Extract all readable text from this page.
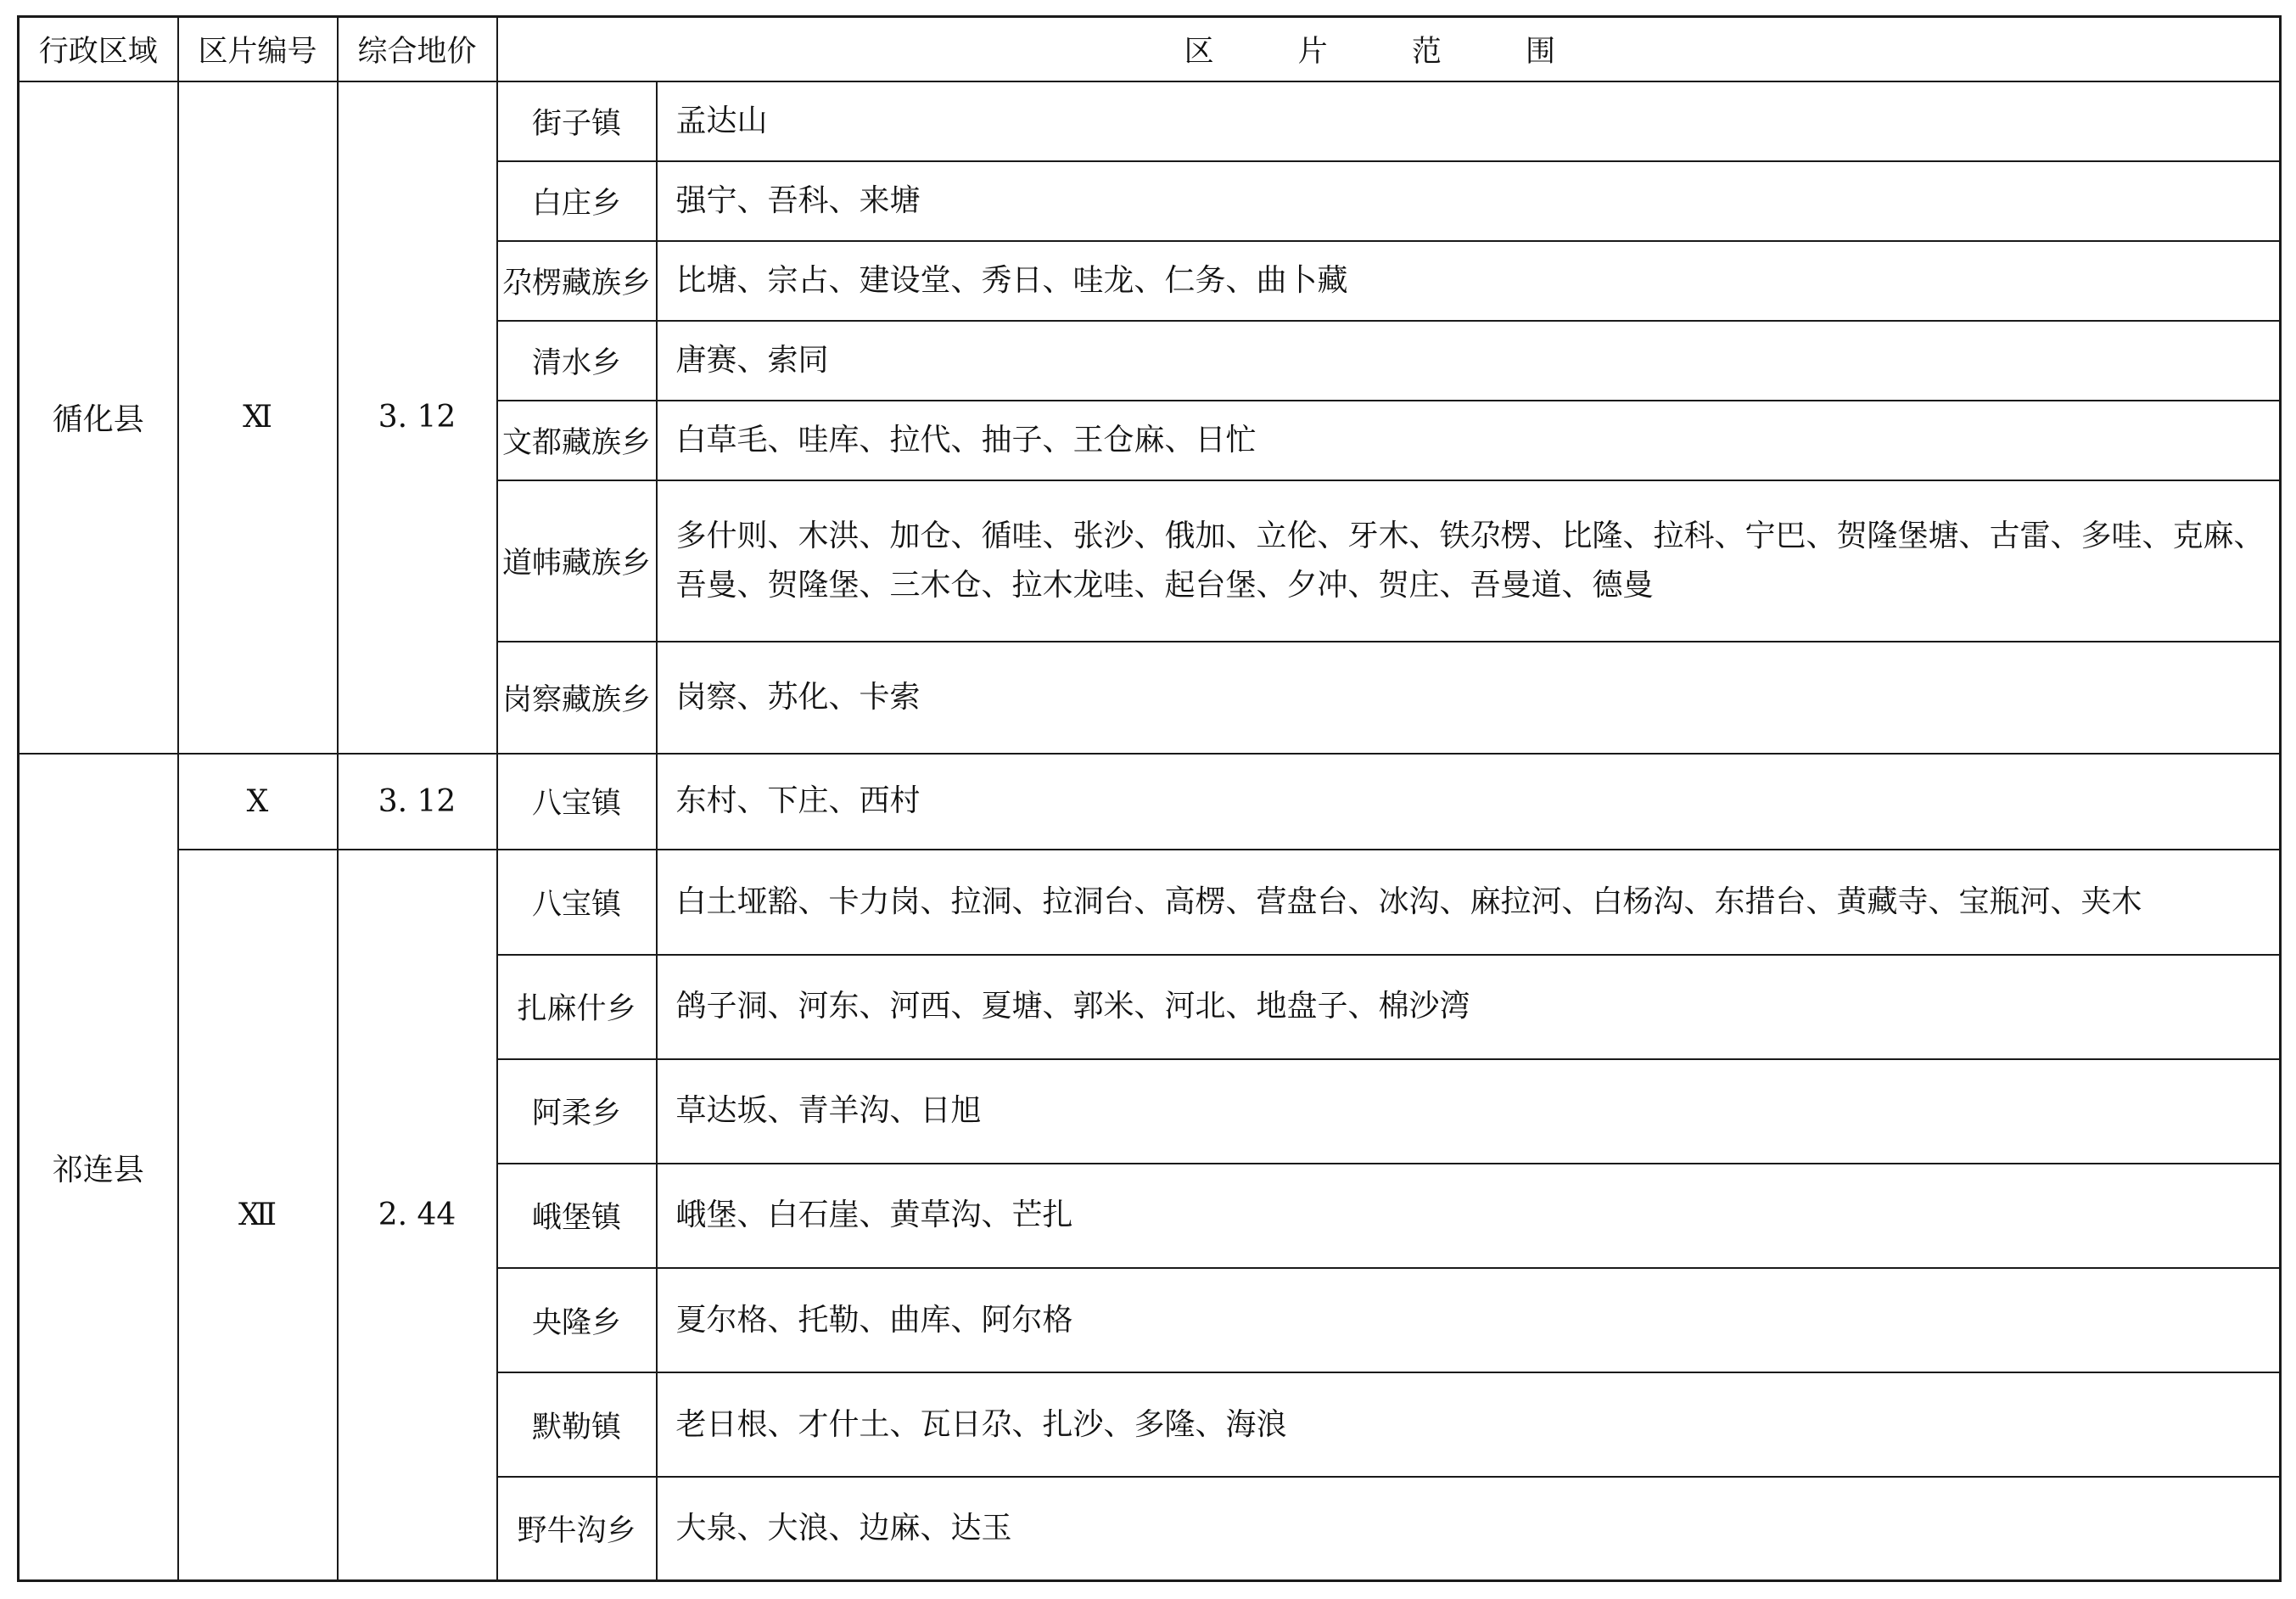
行政区域	区片编号	综合地价	区 片 范 围	
循化县	Ⅺ	3. 12	街子镇	孟达山
			白庄乡	强宁、吾科、来塘
			尕楞藏族乡	比塘、宗占、建设堂、秀日、哇龙、仁务、曲卜藏
			清水乡	唐赛、索同
			文都藏族乡	白草毛、哇库、拉代、抽子、王仓麻、日忙
			道帏藏族乡	多什则、木洪、加仓、循哇、张沙、俄加、立伦、牙木、铁尕楞、比隆、拉科、宁巴、贺隆堡塘、古雷、多哇、克麻、吾曼、贺隆堡、三木仓、拉木龙哇、起台堡、夕冲、贺庄、吾曼道、德曼
			岗察藏族乡	岗察、苏化、卡索
祁连县	Ⅹ	3. 12	八宝镇	东村、下庄、西村
	Ⅻ	2. 44	八宝镇	白土垭豁、卡力岗、拉洞、拉洞台、高楞、营盘台、冰沟、麻拉河、白杨沟、东措台、黄藏寺、宝瓶河、夹木
			扎麻什乡	鸽子洞、河东、河西、夏塘、郭米、河北、地盘子、棉沙湾
			阿柔乡	草达坂、青羊沟、日旭
			峨堡镇	峨堡、白石崖、黄草沟、芒扎
			央隆乡	夏尔格、托勒、曲库、阿尔格
			默勒镇	老日根、才什土、瓦日尕、扎沙、多隆、海浪
			野牛沟乡	大泉、大浪、边麻、达玉
